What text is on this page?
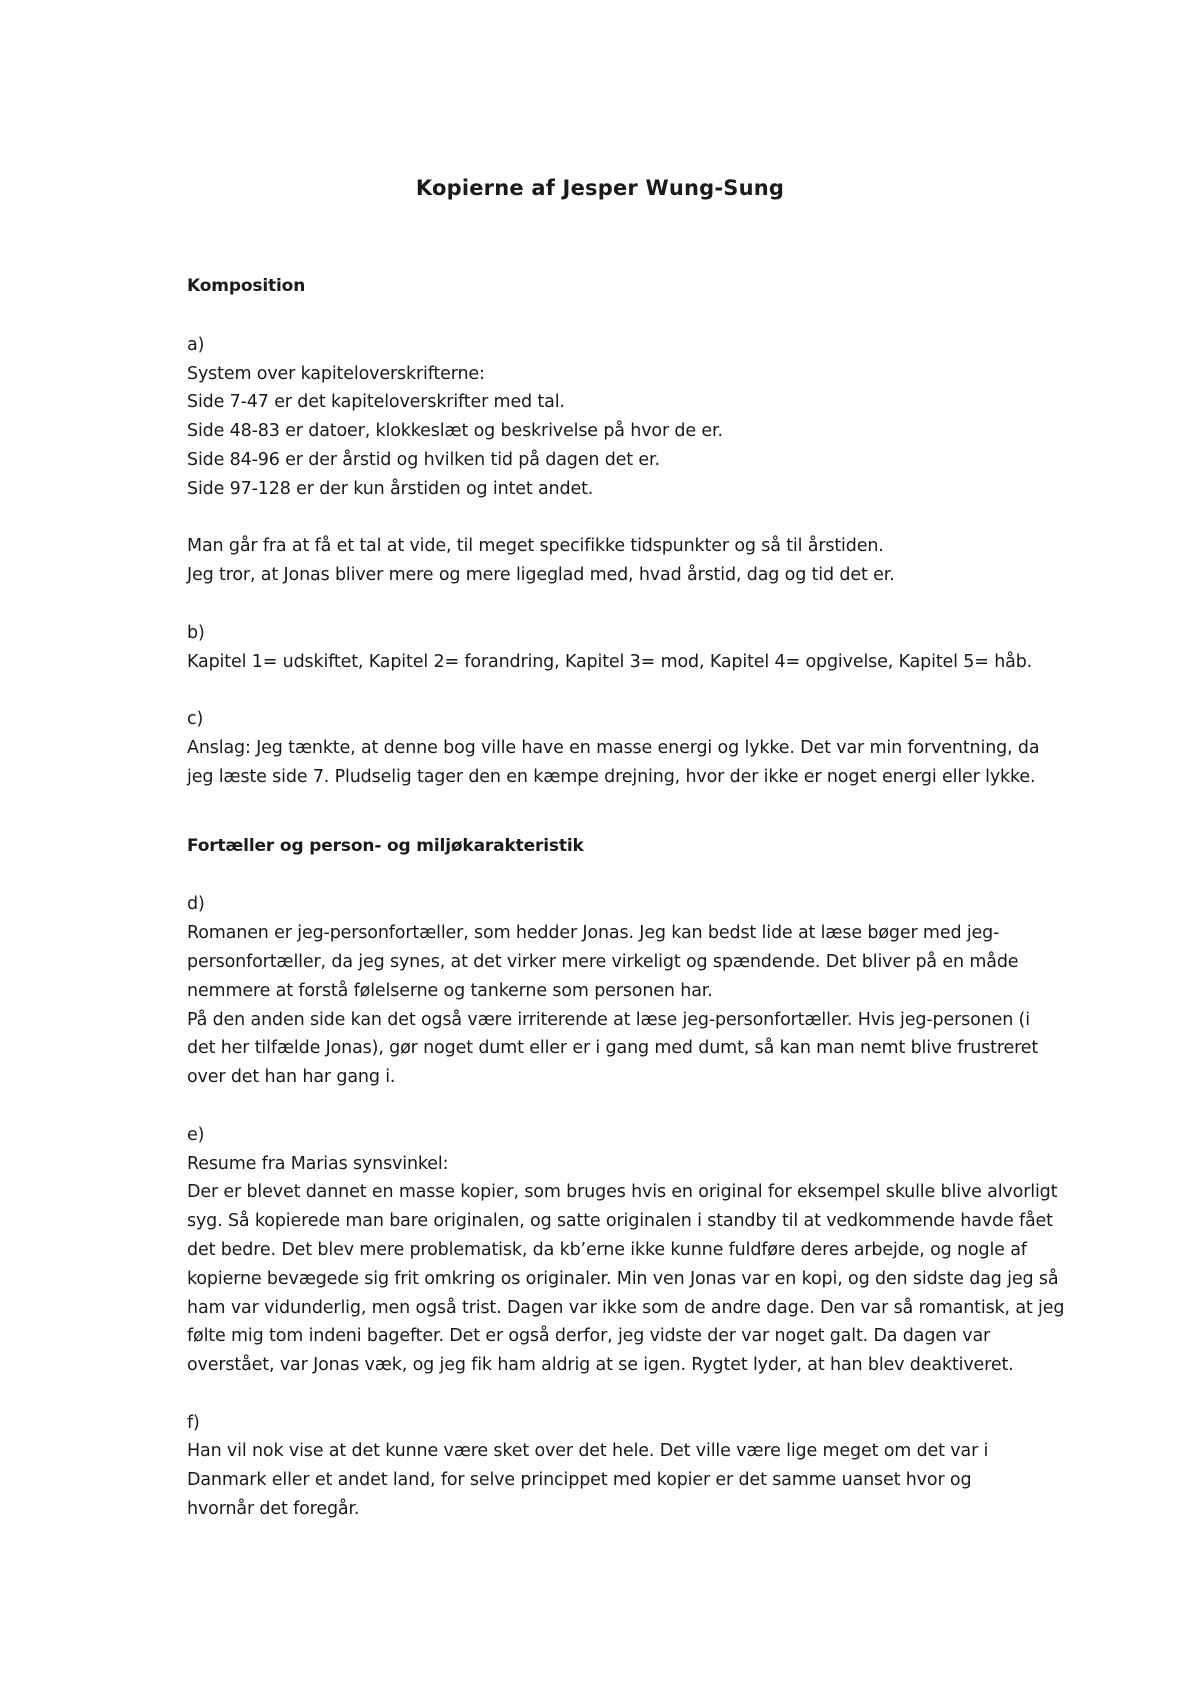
Kopierne af Jesper Wung-Sung

Komposition

a)

System over kapiteloverskrifterne:

Side 7-47 er det kapiteloverskrifter med tal.

Side 48-83 er datoer, klokkeslæt og beskrivelse på hvor de er.

Side 84-96 er der årstid og hvilken tid på dagen det er.

Side 97-128 er der kun årstiden og intet andet.

Man går fra at få et tal at vide, til meget specifikke tidspunkter og så til årstiden.

Jeg tror, at Jonas bliver mere og mere ligeglad med, hvad årstid, dag og tid det er.

b)

Kapitel 1= udskiftet, Kapitel 2= forandring, Kapitel 3= mod, Kapitel 4= opgivelse, Kapitel 5= håb.

c)

Anslag: Jeg tænkte, at denne bog ville have en masse energi og lykke. Det var min forventning, da

jeg læste side 7. Pludselig tager den en kæmpe drejning, hvor der ikke er noget energi eller lykke.

Fortæller og person- og miljøkarakteristik

d)

Romanen er jeg-personfortæller, som hedder Jonas. Jeg kan bedst lide at læse bøger med jeg-

personfortæller, da jeg synes, at det virker mere virkeligt og spændende. Det bliver på en måde

nemmere at forstå følelserne og tankerne som personen har.

På den anden side kan det også være irriterende at læse jeg-personfortæller. Hvis jeg-personen (i

det her tilfælde Jonas), gør noget dumt eller er i gang med dumt, så kan man nemt blive frustreret

over det han har gang i.

e)

Resume fra Marias synsvinkel:

Der er blevet dannet en masse kopier, som bruges hvis en original for eksempel skulle blive alvorligt

syg. Så kopierede man bare originalen, og satte originalen i standby til at vedkommende havde fået

det bedre. Det blev mere problematisk, da kb’erne ikke kunne fuldføre deres arbejde, og nogle af

kopierne bevægede sig frit omkring os originaler. Min ven Jonas var en kopi, og den sidste dag jeg så

ham var vidunderlig, men også trist. Dagen var ikke som de andre dage. Den var så romantisk, at jeg

følte mig tom indeni bagefter. Det er også derfor, jeg vidste der var noget galt. Da dagen var

overstået, var Jonas væk, og jeg fik ham aldrig at se igen. Rygtet lyder, at han blev deaktiveret.

f)

Han vil nok vise at det kunne være sket over det hele. Det ville være lige meget om det var i

Danmark eller et andet land, for selve princippet med kopier er det samme uanset hvor og

hvornår det foregår.
